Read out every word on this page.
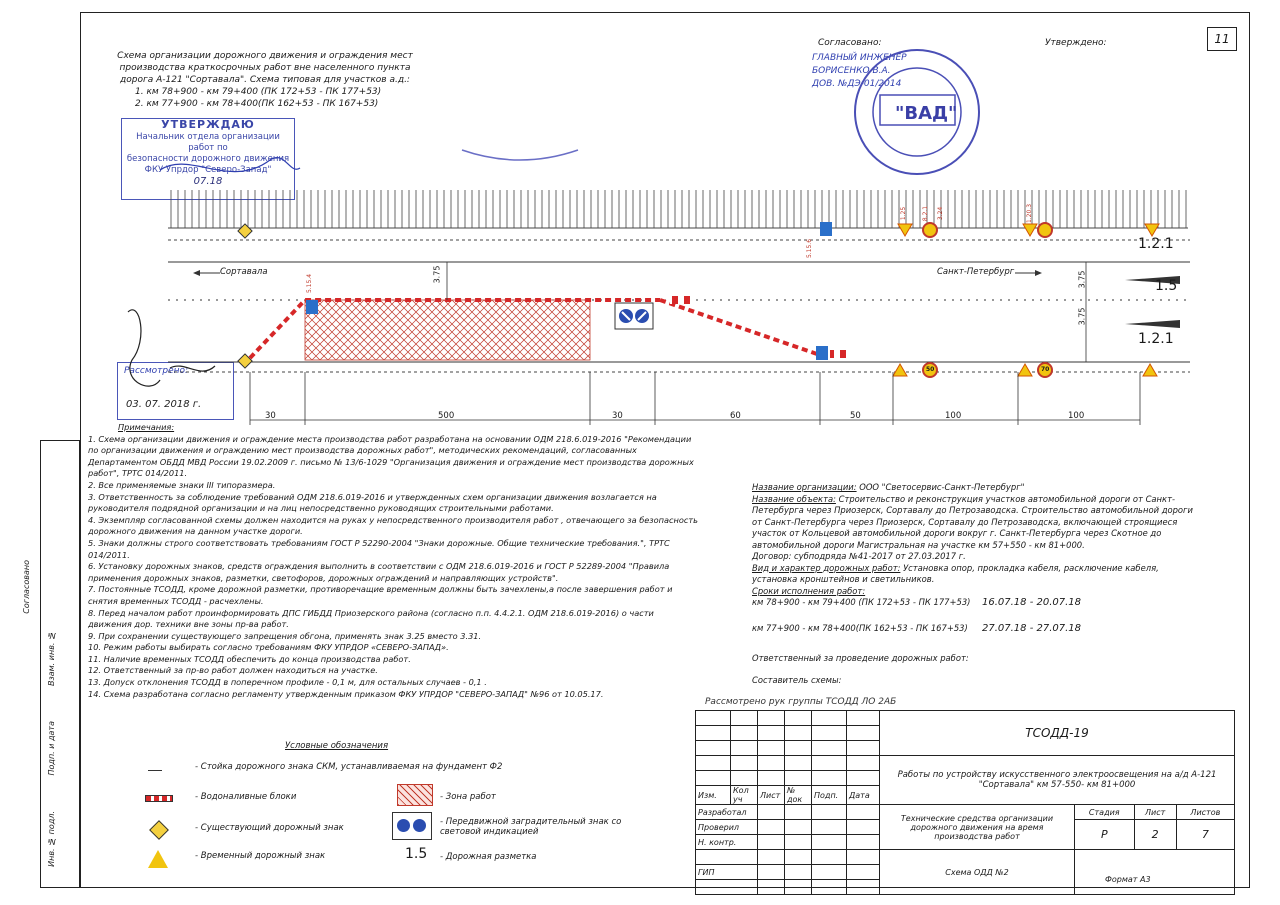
11
Согласовано
Взам. инв. №
Подп. и дата
Инв. № подл.
Схема организации дорожного движения и ограждения мест
производства краткосрочных работ вне населенного пункта
дорога А-121 "Сортавала". Схема типовая для участков а.д.:
1. км 78+900 - км 79+400 (ПК 172+53 - ПК 177+53)
2. км 77+900 - км 78+400(ПК 162+53 - ПК 167+53)
УТВЕРЖДАЮ
Начальник отдела организации работ по
безопасности дорожного движения
ФКУ Упрдор "Северо-Запад"
07.18
Согласовано:
ГЛАВНЫЙ ИНЖЕНЕР
БОРИСЕНКО В.А.
ДОВ. №ДЭ-01/2014
Утверждено:
Рассмотрено:
03. 07. 2018 г.
Сортавала	Санкт-Петербург
3.75	3.75
3.75
1.2.1
1.5
1.2.1
30	500	30	60	50	100	100
1.25 8.2.1 3.24	1.20.3
5.15.4
5.15.6
50	70
"ВАД"
Примечания:
1. Схема организации движения и ограждение места производства работ разработана на основании ОДМ 218.6.019-2016 "Рекомендации по организации движения и ограждению мест производства дорожных работ", методических рекомендаций, согласованных Департаментом ОБДД МВД России 19.02.2009 г. письмо № 13/6-1029 "Организация движения и ограждение мест производства дорожных работ", ТРТС 014/2011.
2. Все применяемые знаки III типоразмера.
3. Ответственность за соблюдение требований ОДМ 218.6.019-2016 и утвержденных схем организации движения возлагается на руководителя подрядной организации и на лиц непосредственно руководящих строительными работами.
4. Экземпляр согласованной схемы должен находится на руках у непосредственного производителя работ , отвечающего за безопасность дорожного движения на данном участке дороги.
5. Знаки должны строго соответствовать требованиям ГОСТ Р 52290-2004 "Знаки дорожные. Общие технические требования.", ТРТС 014/2011.
6. Установку дорожных знаков, средств ограждения выполнить в соответствии с ОДМ 218.6.019-2016 и ГОСТ Р 52289-2004 "Правила применения дорожных знаков, разметки, светофоров, дорожных ограждений и направляющих устройств".
7. Постоянные ТСОДД, кроме дорожной разметки, противоречащие временным должны быть зачехлены,а после завершения работ и снятия временных ТСОДД - расчехлены.
8. Перед началом работ проинформировать ДПС ГИБДД Приозерского района (согласно п.п. 4.4.2.1. ОДМ 218.6.019-2016) о части движения дор. техники вне зоны пр-ва работ.
9. При сохранении существующего запрещения обгона, применять знак 3.25 вместо 3.31.
10. Режим работы выбирать согласно требованиям ФКУ УПРДОР «СЕВЕРО-ЗАПАД».
11. Наличие временных ТСОДД обеспечить до конца производства работ.
12. Ответственный за пр-во работ должен находиться на участке.
13. Допуск отклонения ТСОДД в поперечном профиле - 0,1 м, для остальных случаев - 0,1 .
14. Схема разработана согласно регламенту утвержденным приказом ФКУ УПРДОР "СЕВЕРО-ЗАПАД" №96 от 10.05.17.
Название организации: ООО "Светосервис-Санкт-Петербург"
Название объекта: Строительство и реконструкция участков автомобильной дороги от Санкт-Петербурга через Приозерск, Сортавалу до Петрозаводска. Строительство автомобильной дороги от Санкт-Петербурга через Приозерск, Сортавалу до Петрозаводска, включающей строящиеся участок от Кольцевой автомобильной дороги вокруг г. Санкт-Петербурга через Скотное до автомобильной дороги Магистральная на участке км 57+550 - км 81+000.
Договор: субподряда №41-2017 от 27.03.2017 г.
Вид и характер дорожных работ: Установка опор, прокладка кабеля, расключение кабеля, установка кронштейнов и светильников.
Сроки исполнения работ:
км 78+900 - км 79+400 (ПК 172+53 - ПК 177+53) 16.07.18 - 20.07.18
км 77+900 - км 78+400(ПК 162+53 - ПК 167+53) 27.07.18 - 27.07.18
Ответственный за проведение дорожных работ:
Составитель схемы:
Рассмотрено рук группы ТСОДД ЛО 2АБ
Условные обозначения
- Стойка дорожного знака СКМ, устанавливаемая на фундамент Ф2
- Водоналивные блоки
- Существующий дорожный знак
- Временный дорожный знак
- Зона работ
- Передвижной заградительный знак со световой индикацией
1.5 - Дорожная разметка
						ТСОДД-19			

						Работы по устройству искусственного электроосвещения на а/д А-121 "Сортавала" км 57-550- км 81+000			

Изм.	Кол уч	Лист	№ док	Подп.	Дата				
Разработал						Технические средства организации дорожного движения на время производства работ	Стадия	Лист	Листов
Проверил							Р	2	7
Н. контр.									
						Схема ОДД №2			
ГИП									

Формат А3
